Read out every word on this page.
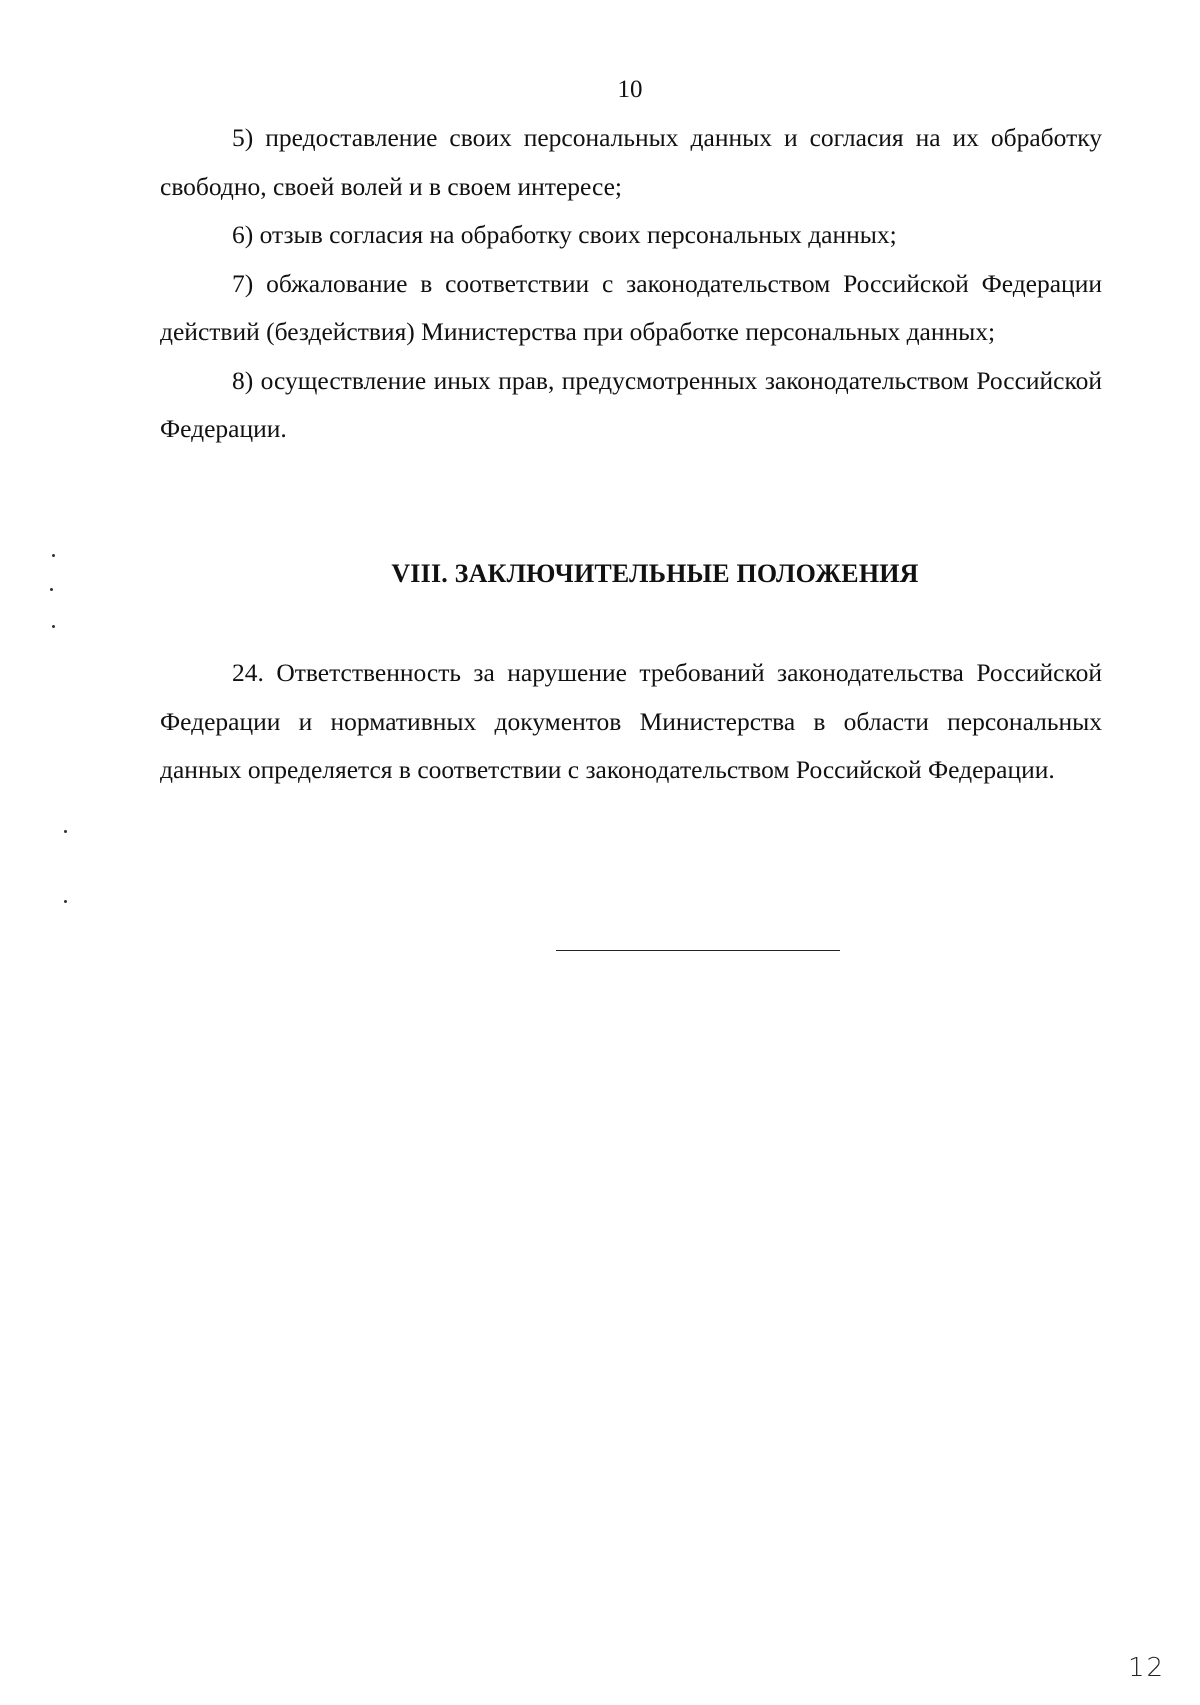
10

5) предоставление своих персональных данных и согласия на их обработку свободно, своей волей и в своем интересе;

6) отзыв согласия на обработку своих персональных данных;

7) обжалование в соответствии с законодательством Российской Федерации действий (бездействия) Министерства при обработке персональных данных;

8) осуществление иных прав, предусмотренных законодательством Российской Федерации.

VIII. ЗАКЛЮЧИТЕЛЬНЫЕ ПОЛОЖЕНИЯ

24. Ответственность за нарушение требований законодательства Российской Федерации и нормативных документов Министерства в области персональных данных определяется в соответствии с законодательством Российской Федерации.

12
